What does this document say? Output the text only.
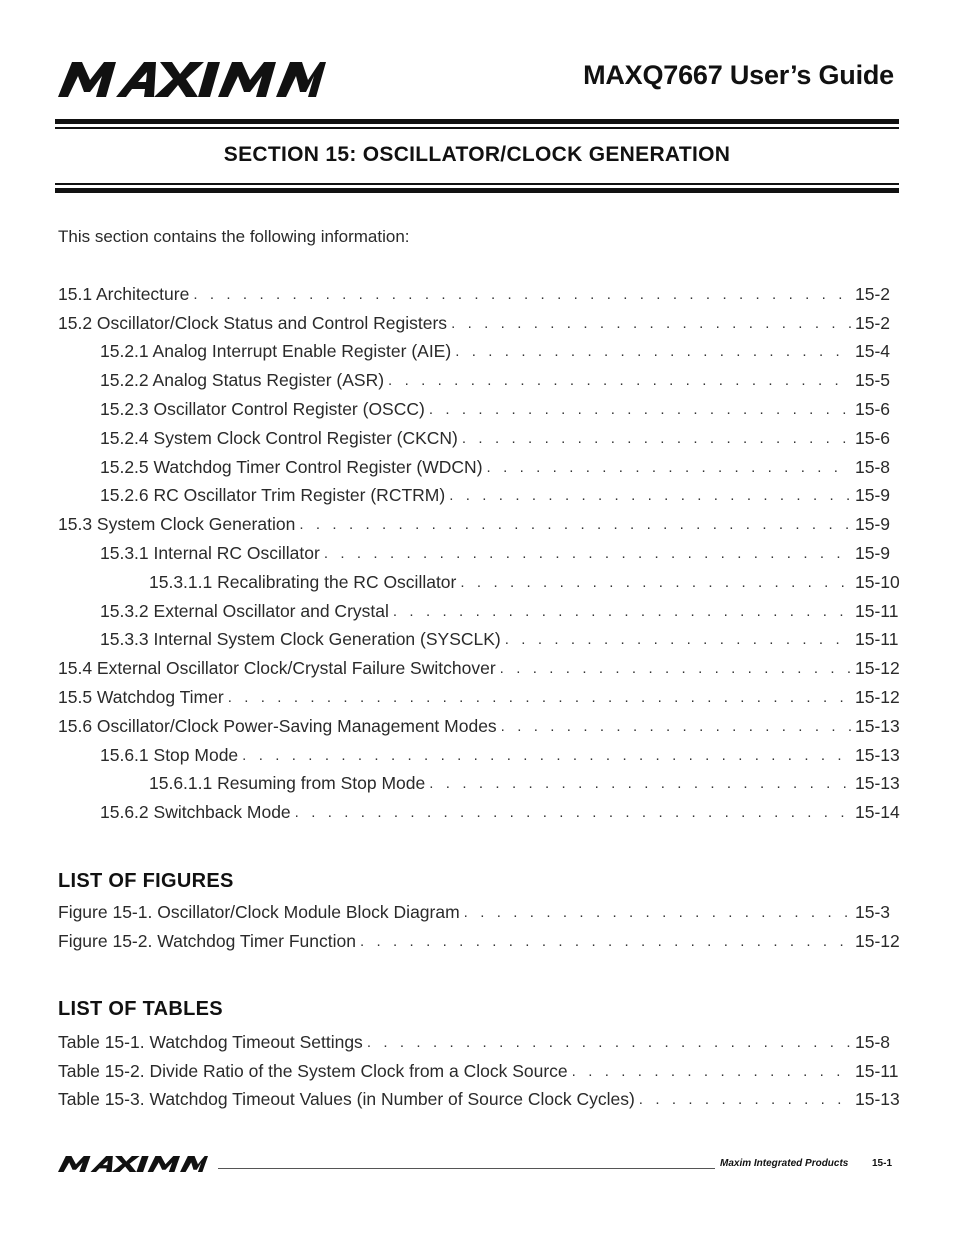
MAXQ7667 User’s Guide
SECTION 15: OSCILLATOR/CLOCK GENERATION
This section contains the following information:
15.1 Architecture . . .	15-2
15.2 Oscillator/Clock Status and Control Registers . . .	15-2
15.2.1 Analog Interrupt Enable Register (AIE) . . .	15-4
15.2.2 Analog Status Register (ASR) . . .	15-5
15.2.3 Oscillator Control Register (OSCC) . . .	15-6
15.2.4 System Clock Control Register (CKCN) . . .	15-6
15.2.5 Watchdog Timer Control Register (WDCN) . . .	15-8
15.2.6 RC Oscillator Trim Register (RCTRM) . . .	15-9
15.3 System Clock Generation . . .	15-9
15.3.1 Internal RC Oscillator . . .	15-9
15.3.1.1 Recalibrating the RC Oscillator . . .	15-10
15.3.2 External Oscillator and Crystal . . .	15-11
15.3.3 Internal System Clock Generation (SYSCLK) . . .	15-11
15.4 External Oscillator Clock/Crystal Failure Switchover . . .	15-12
15.5 Watchdog Timer . . .	15-12
15.6 Oscillator/Clock Power-Saving Management Modes . . .	15-13
15.6.1 Stop Mode . . .	15-13
15.6.1.1 Resuming from Stop Mode . . .	15-13
15.6.2 Switchback Mode . . .	15-14
LIST OF FIGURES
Figure 15-1. Oscillator/Clock Module Block Diagram . . .	15-3
Figure 15-2. Watchdog Timer Function . . .	15-12
LIST OF TABLES
Table 15-1. Watchdog Timeout Settings . . .	15-8
Table 15-2. Divide Ratio of the System Clock from a Clock Source . . .	15-11
Table 15-3. Watchdog Timeout Values (in Number of Source Clock Cycles) . . .	15-13
Maxim Integrated Products 15-1
